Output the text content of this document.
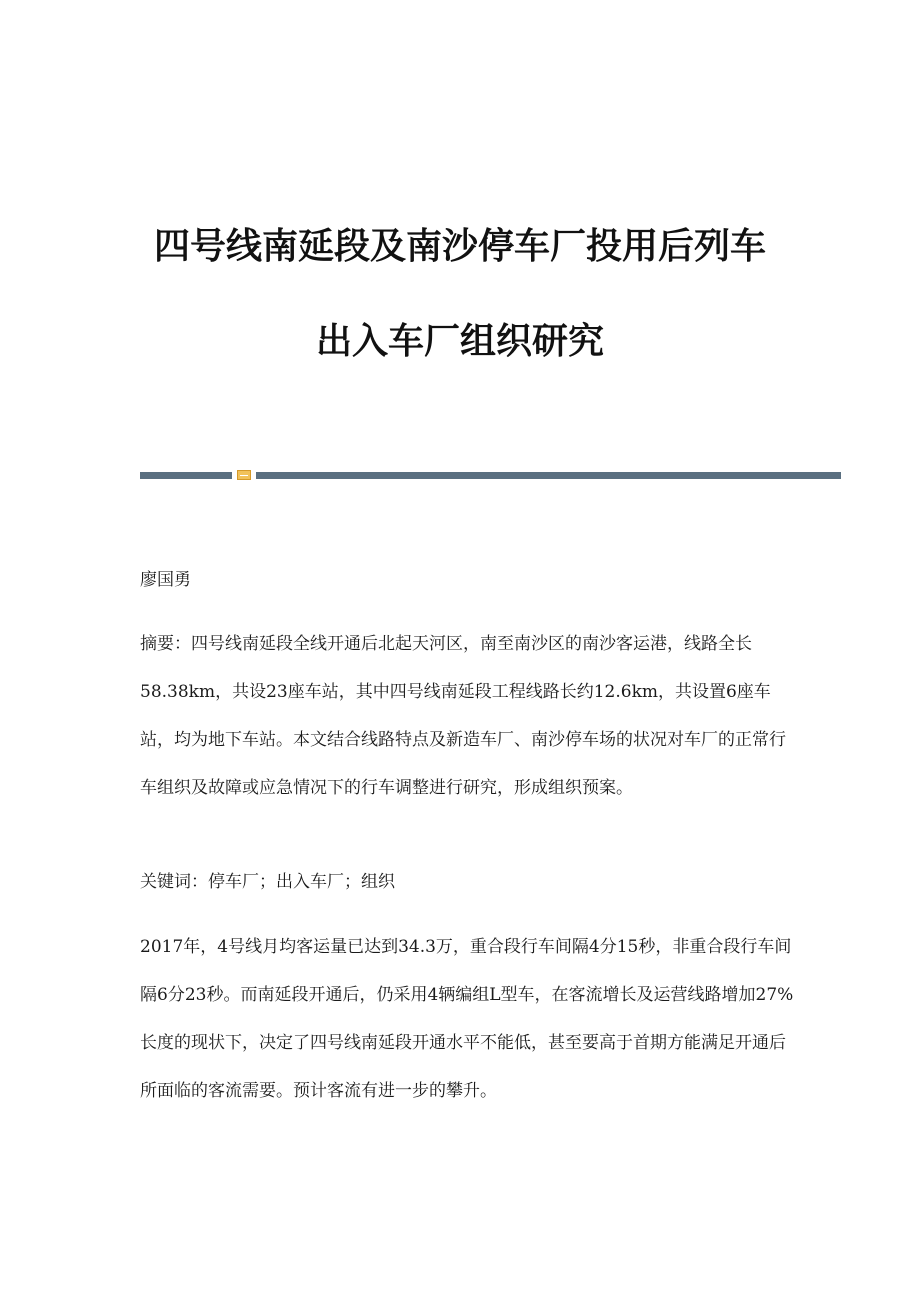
四号线南延段及南沙停车厂投用后列车
出入车厂组织研究

廖国勇

摘要：四号线南延段全线开通后北起天河区，南至南沙区的南沙客运港，线路全长58.38km，共设23座车站，其中四号线南延段工程线路长约12.6km，共设置6座车站，均为地下车站。本文结合线路特点及新造车厂、南沙停车场的状况对车厂的正常行车组织及故障或应急情况下的行车调整进行研究，形成组织预案。

关键词：停车厂；出入车厂；组织

2017年，4号线月均客运量已达到34.3万，重合段行车间隔4分15秒，非重合段行车间隔6分23秒。而南延段开通后，仍采用4辆编组L型车，在客流增长及运营线路增加27%长度的现状下，决定了四号线南延段开通水平不能低，甚至要高于首期方能满足开通后所面临的客流需要。预计客流有进一步的攀升。
